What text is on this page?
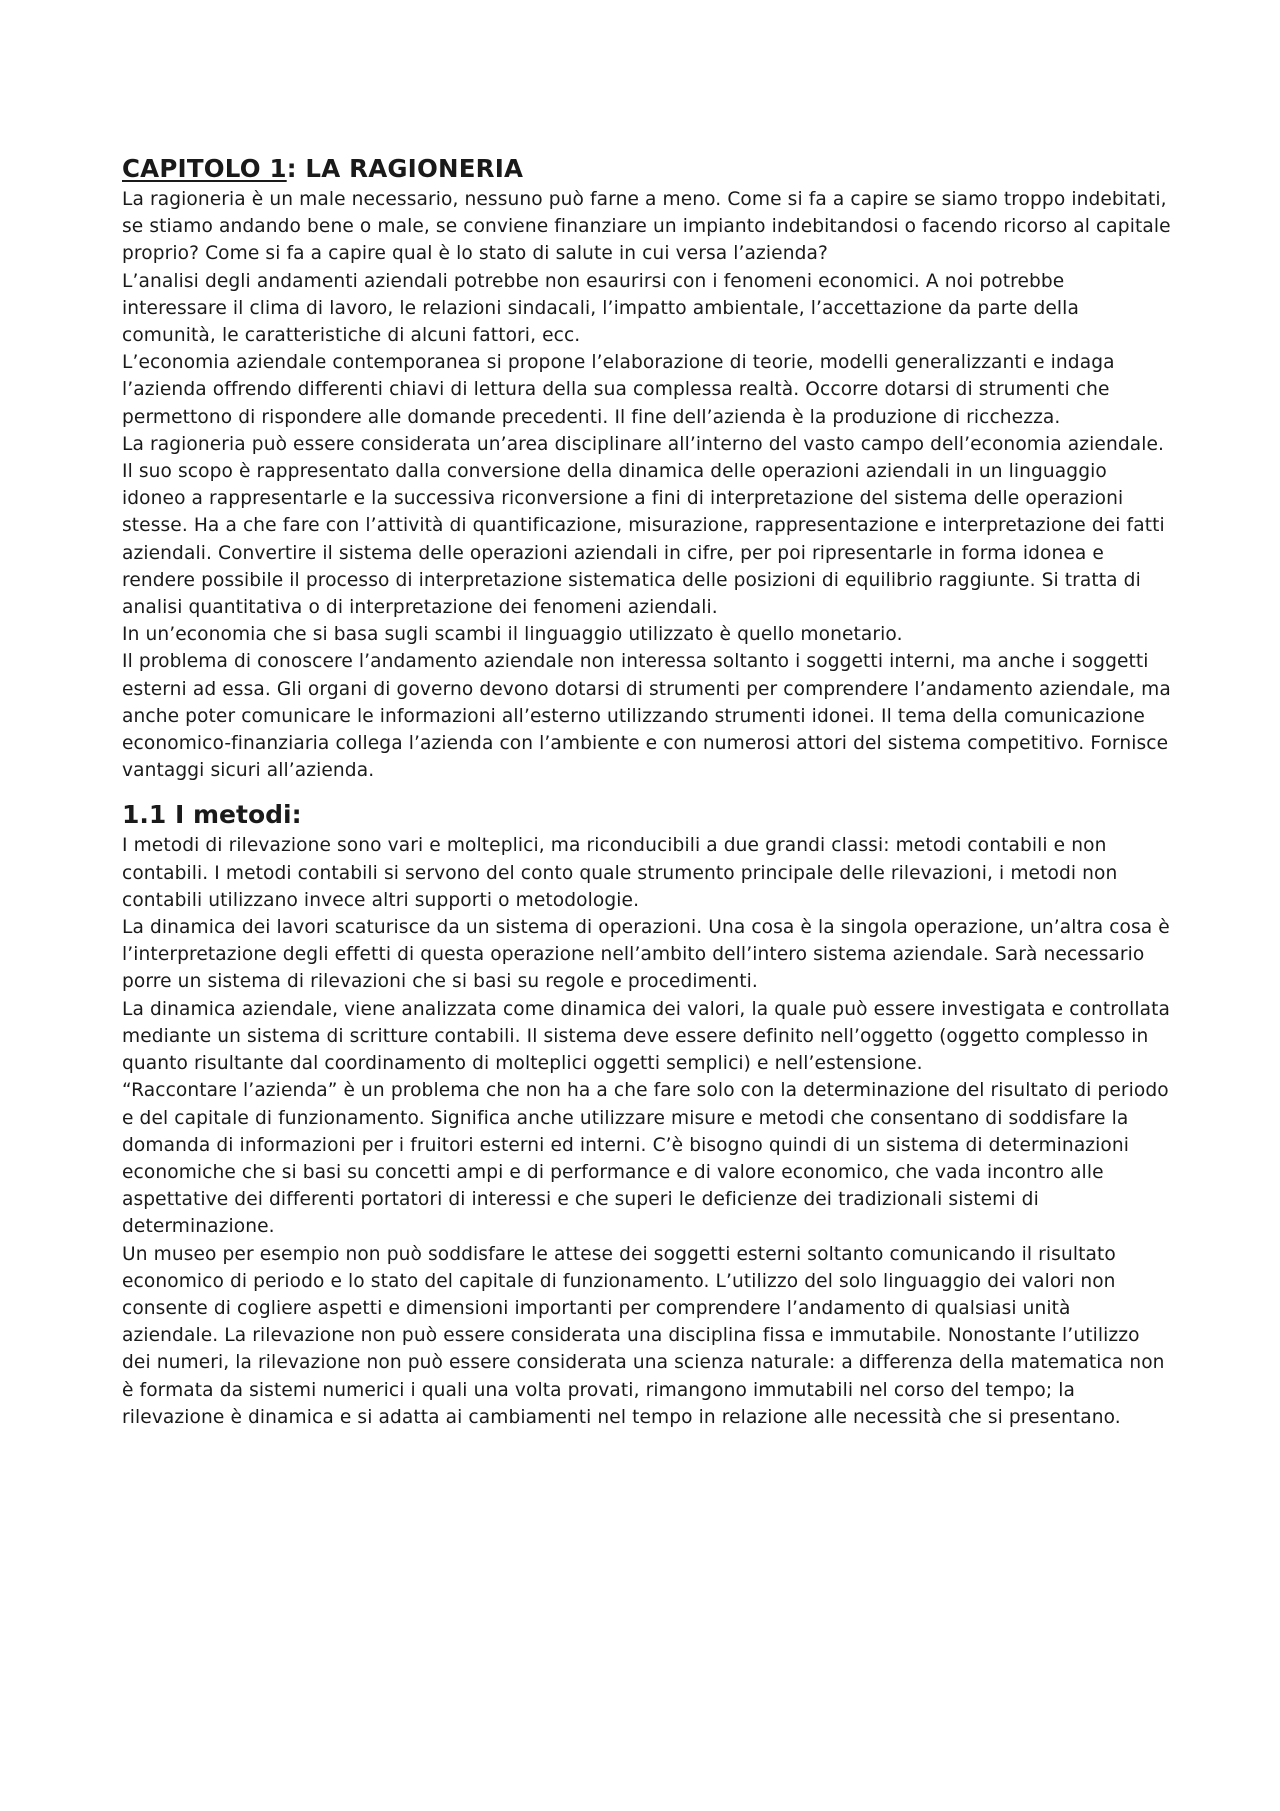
CAPITOLO 1: LA RAGIONERIA

La ragioneria è un male necessario, nessuno può farne a meno. Come si fa a capire se siamo troppo indebitati, se stiamo andando bene o male, se conviene finanziare un impianto indebitandosi o facendo ricorso al capitale proprio? Come si fa a capire qual è lo stato di salute in cui versa l’azienda?

L’analisi degli andamenti aziendali potrebbe non esaurirsi con i fenomeni economici. A noi potrebbe interessare il clima di lavoro, le relazioni sindacali, l’impatto ambientale, l’accettazione da parte della comunità, le caratteristiche di alcuni fattori, ecc.

L’economia aziendale contemporanea si propone l’elaborazione di teorie, modelli generalizzanti e indaga l’azienda offrendo differenti chiavi di lettura della sua complessa realtà. Occorre dotarsi di strumenti che permettono di rispondere alle domande precedenti. Il fine dell’azienda è la produzione di ricchezza.

La ragioneria può essere considerata un’area disciplinare all’interno del vasto campo dell’economia aziendale. Il suo scopo è rappresentato dalla conversione della dinamica delle operazioni aziendali in un linguaggio idoneo a rappresentarle e la successiva riconversione a fini di interpretazione del sistema delle operazioni stesse. Ha a che fare con l’attività di quantificazione, misurazione, rappresentazione e interpretazione dei fatti aziendali. Convertire il sistema delle operazioni aziendali in cifre, per poi ripresentarle in forma idonea e rendere possibile il processo di interpretazione sistematica delle posizioni di equilibrio raggiunte. Si tratta di analisi quantitativa o di interpretazione dei fenomeni aziendali.

In un’economia che si basa sugli scambi il linguaggio utilizzato è quello monetario.

Il problema di conoscere l’andamento aziendale non interessa soltanto i soggetti interni, ma anche i soggetti esterni ad essa. Gli organi di governo devono dotarsi di strumenti per comprendere l’andamento aziendale, ma anche poter comunicare le informazioni all’esterno utilizzando strumenti idonei. Il tema della comunicazione economico-finanziaria collega l’azienda con l’ambiente e con numerosi attori del sistema competitivo. Fornisce vantaggi sicuri all’azienda.

1.1 I metodi:

I metodi di rilevazione sono vari e molteplici, ma riconducibili a due grandi classi: metodi contabili e non contabili. I metodi contabili si servono del conto quale strumento principale delle rilevazioni, i metodi non contabili utilizzano invece altri supporti o metodologie.

La dinamica dei lavori scaturisce da un sistema di operazioni. Una cosa è la singola operazione, un’altra cosa è l’interpretazione degli effetti di questa operazione nell’ambito dell’intero sistema aziendale. Sarà necessario porre un sistema di rilevazioni che si basi su regole e procedimenti.

La dinamica aziendale, viene analizzata come dinamica dei valori, la quale può essere investigata e controllata mediante un sistema di scritture contabili. Il sistema deve essere definito nell’oggetto (oggetto complesso in quanto risultante dal coordinamento di molteplici oggetti semplici) e nell’estensione.

“Raccontare l’azienda” è un problema che non ha a che fare solo con la determinazione del risultato di periodo e del capitale di funzionamento. Significa anche utilizzare misure e metodi che consentano di soddisfare la domanda di informazioni per i fruitori esterni ed interni. C’è bisogno quindi di un sistema di determinazioni economiche che si basi su concetti ampi e di performance e di valore economico, che vada incontro alle aspettative dei differenti portatori di interessi e che superi le deficienze dei tradizionali sistemi di determinazione.

Un museo per esempio non può soddisfare le attese dei soggetti esterni soltanto comunicando il risultato economico di periodo e lo stato del capitale di funzionamento. L’utilizzo del solo linguaggio dei valori non consente di cogliere aspetti e dimensioni importanti per comprendere l’andamento di qualsiasi unità aziendale. La rilevazione non può essere considerata una disciplina fissa e immutabile. Nonostante l’utilizzo dei numeri, la rilevazione non può essere considerata una scienza naturale: a differenza della matematica non è formata da sistemi numerici i quali una volta provati, rimangono immutabili nel corso del tempo; la rilevazione è dinamica e si adatta ai cambiamenti nel tempo in relazione alle necessità che si presentano.
